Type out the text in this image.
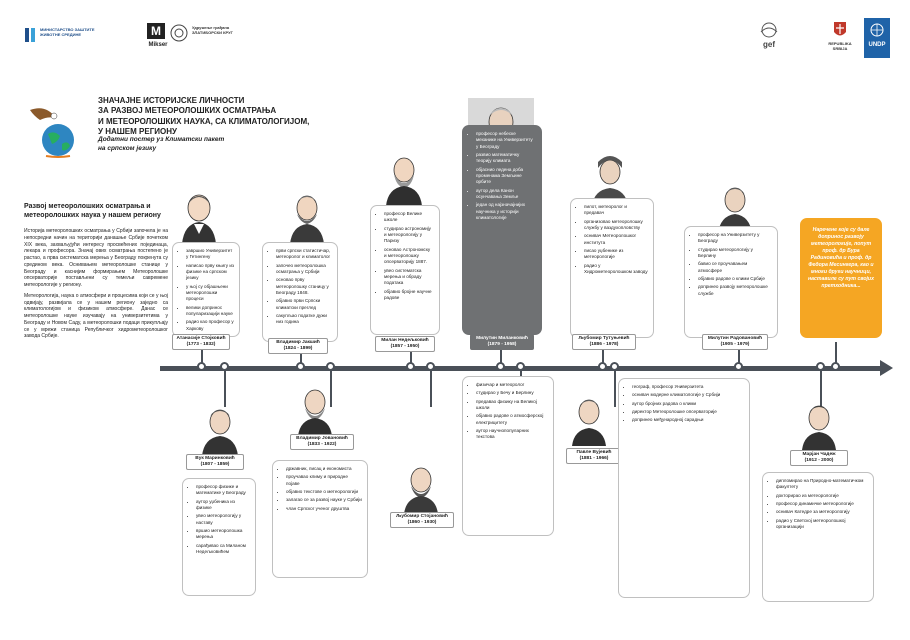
МИНИСТАРСТВО ЗАШТИТЕ ЖИВОТНЕ СРЕДИНЕ	M
Mikser
Удружење грађана ЗЛАТИБОРСКИ КРУГ
gef	REPUBLIKA SRBIJA
UNDP
ЗНАЧАЈНЕ ИСТОРИЈСКЕ ЛИЧНОСТИ
ЗА РАЗВОЈ МЕТЕОРОЛОШКИХ ОСМАТРАЊА
И МЕТЕОРОЛОШКИХ НАУКА, СА КЛИМАТОЛОГИЈОМ,
У НАШЕМ РЕГИОНУ
Додатни постер уз Климатски пакет
на српском језику
Развој метеоролошких осматрања и метеоролошких наука у нашем региону

Историја метеоролошких осматрања у Србији започела је на непосредни начин на територији данашње Србије почетком XIX века, захваљујући интересу просвећених појединаца, лекара и професора. Значај ових осматрања постепено је растао, а прва систематска мерења у Београду покренута су средином века. Оснивањем метеоролошке станице у Београду и каснијим формирањем Метеоролошке опсерваторије постављени су темељи савремене метеорологије у региону.

Метеорологија, наука о атмосфери и процесима који се у њој одвијају, развијала се у нашем региону заједно са климатологијом и физиком атмосфере. Данас се метеоролошке науке изучавају на универзитетима у Београду и Новом Саду, а метеоролошки подаци прикупљају се у мрежи станица Републичког хидрометеоролошког завода Србије.

• завршио Универзитет у Гетингену
• написао прву књигу из физике на српском језику
• у њој су објашњени метеоролошки процеси
• велики допринос популаризацији науке
• радио као професор у Харкову
Атанасије Стојковић
(1773 - 1832)
• први српски статистичар, метеоролог и климатолог
• започео метеоролошка осматрања у Србији
• основао прву метеоролошку станицу у Београду 1848.
• објавио први Српски климатски преглед
• сакупљао податке дужи низ година
Владимир Јакшић
(1824 - 1899)
• професор Велике школе
• студирао астрономију и метеорологију у Паризу
• основао Астрономску и метеоролошку опсерваторију 1887.
• увео систематска мерења и обраду података
• објавио бројне научне радове
Милан Недељковић
(1857 - 1950)
• професор небеске механике на Универзитету у Београду
• развио математичку теорију климата
• објаснио ледена доба променама Земљине орбите
• аутор дела Канон осунчавања Земље
• један од најзначајнијих научника у историји климатологије
Милутин Миланковић
(1879 - 1958)
• пилот, метеоролог и предавач
• организовао метеоролошку службу у ваздухопловству
• оснивач Метеоролошког института
• писао уџбенике из метеорологије
• радио у Хидрометеоролошком заводу
Љубомир Тутуњевић
(1886 - 1978)
• професор на Универзитету у Београду
• студирао метеорологију у Берлину
• бавио се проучавањем атмосфере
• објавио радове о клими Србије
• допринео развоју метеоролошке службе
Милутин Радовановић
(1905 - 1979)
Наречене које су дале допринос развоју метеорологије, попут проф. др Бура Радиновића и проф. др Федора Месингера, као и многи други научници, наставиле су пут својих претходника...
Вук Маринковић
(1807 - 1859)
• професор физике и математике у Београду
• аутор уџбеника из физике
• увео метеорологију у наставу
• вршио метеоролошка мерења
• сарађивао са Миланом Недељковићем
Владимир Јовановић
(1833 - 1922)
• државник, писац и економиста
• проучавао климу и природне појаве
• објавио текстове о метеорологији
• залагао се за развој науке у Србији
• члан Српског ученог друштва
Љубомир Стојановић
(1860 - 1930)
• физичар и метеоролог
• студирао у Бечу и Берлину
• предавао физику на Великој школи
• објавио радове о атмосферској електрицитету
• аутор научнопопуларних текстова
Павле Вујевић
(1881 - 1966)
• географ, професор Универзитета
• оснивач модерне климатологије у Србији
• аутор бројних радова о клими
• директор Метеоролошке опсерваторије
• допринео међународној сарадњи
Марјан Чадеж
(1912 - 2000)
• дипломирао на Природно-математичком факултету
• докторирао из метеорологије
• професор динамичке метеорологије
• оснивач Катедре за метеорологију
• радио у Светској метеоролошкој организацији
